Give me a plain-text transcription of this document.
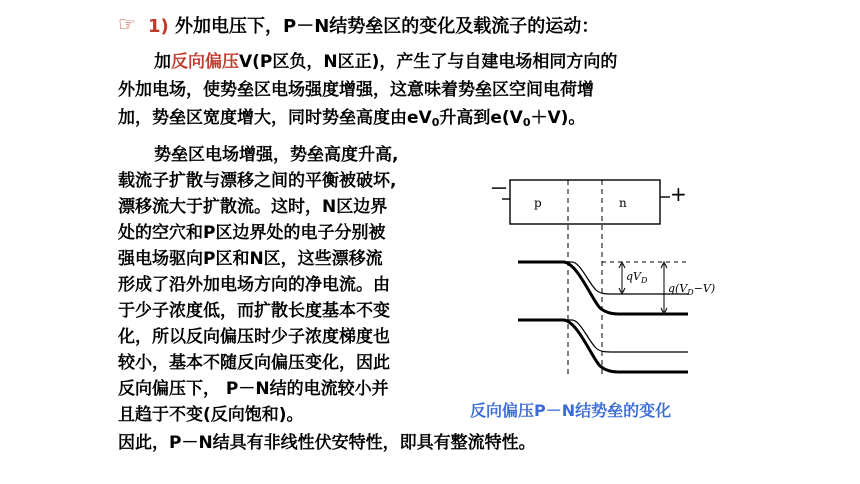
☞ 1) 外加电压下，P－N结势垒区的变化及载流子的运动：
加反向偏压V(P区负，N区正)，产生了与自建电场相同方向的
外加电场，使势垒区电场强度增强，这意味着势垒区空间电荷增
加，势垒区宽度增大，同时势垒高度由$eV_0$升高到$e(V_0+V)$。
势垒区电场增强，势垒高度升高,
载流子扩散与漂移之间的平衡被破坏,
漂移流大于扩散流。这时，N区边界
处的空穴和P区边界处的电子分别被
强电场驱向P区和N区，这些漂移流
形成了沿外加电场方向的净电流。由
于少子浓度低，而扩散长度基本不变
化，所以反向偏压时少子浓度梯度也
较小，基本不随反向偏压变化，因此
反向偏压下， P－N结的电流较小并
且趋于不变(反向饱和)。
－	+
p	n
$qV_D$
$q(V_D-V)$
反向偏压P－N结势垒的变化
因此，P－N结具有非线性伏安特性，即具有整流特性。
